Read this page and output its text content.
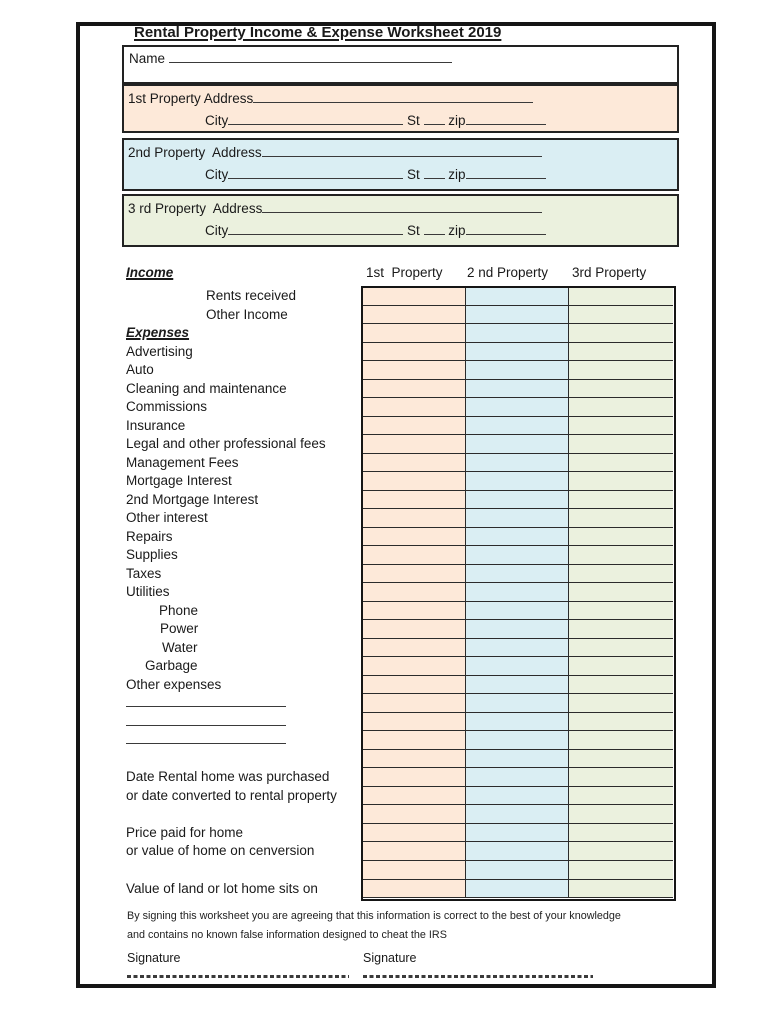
Rental Property Income & Expense Worksheet 2019
Name
1st Property Address
City	St  zip
2nd Property  Address
City	St  zip
3 rd Property  Address
City	St  zip
Income	1st  Property	2 nd Property	3rd Property
Rents received
Other Income
Expenses
Advertising
Auto
Cleaning and maintenance
Commissions
Insurance
Legal and other professional fees
Management Fees
Mortgage Interest
2nd Mortgage Interest
Other interest
Repairs
Supplies
Taxes
Utilities
Phone
Power
Water
Garbage
Other expenses
Date Rental home was purchased
or date converted to rental property
Price paid for home
or value of home on cenversion
Value of land or lot home sits on
By signing this worksheet you are agreeing that this information is correct to the best of your knowledge
and contains no known false information designed to cheat the IRS
Signature	Signature
